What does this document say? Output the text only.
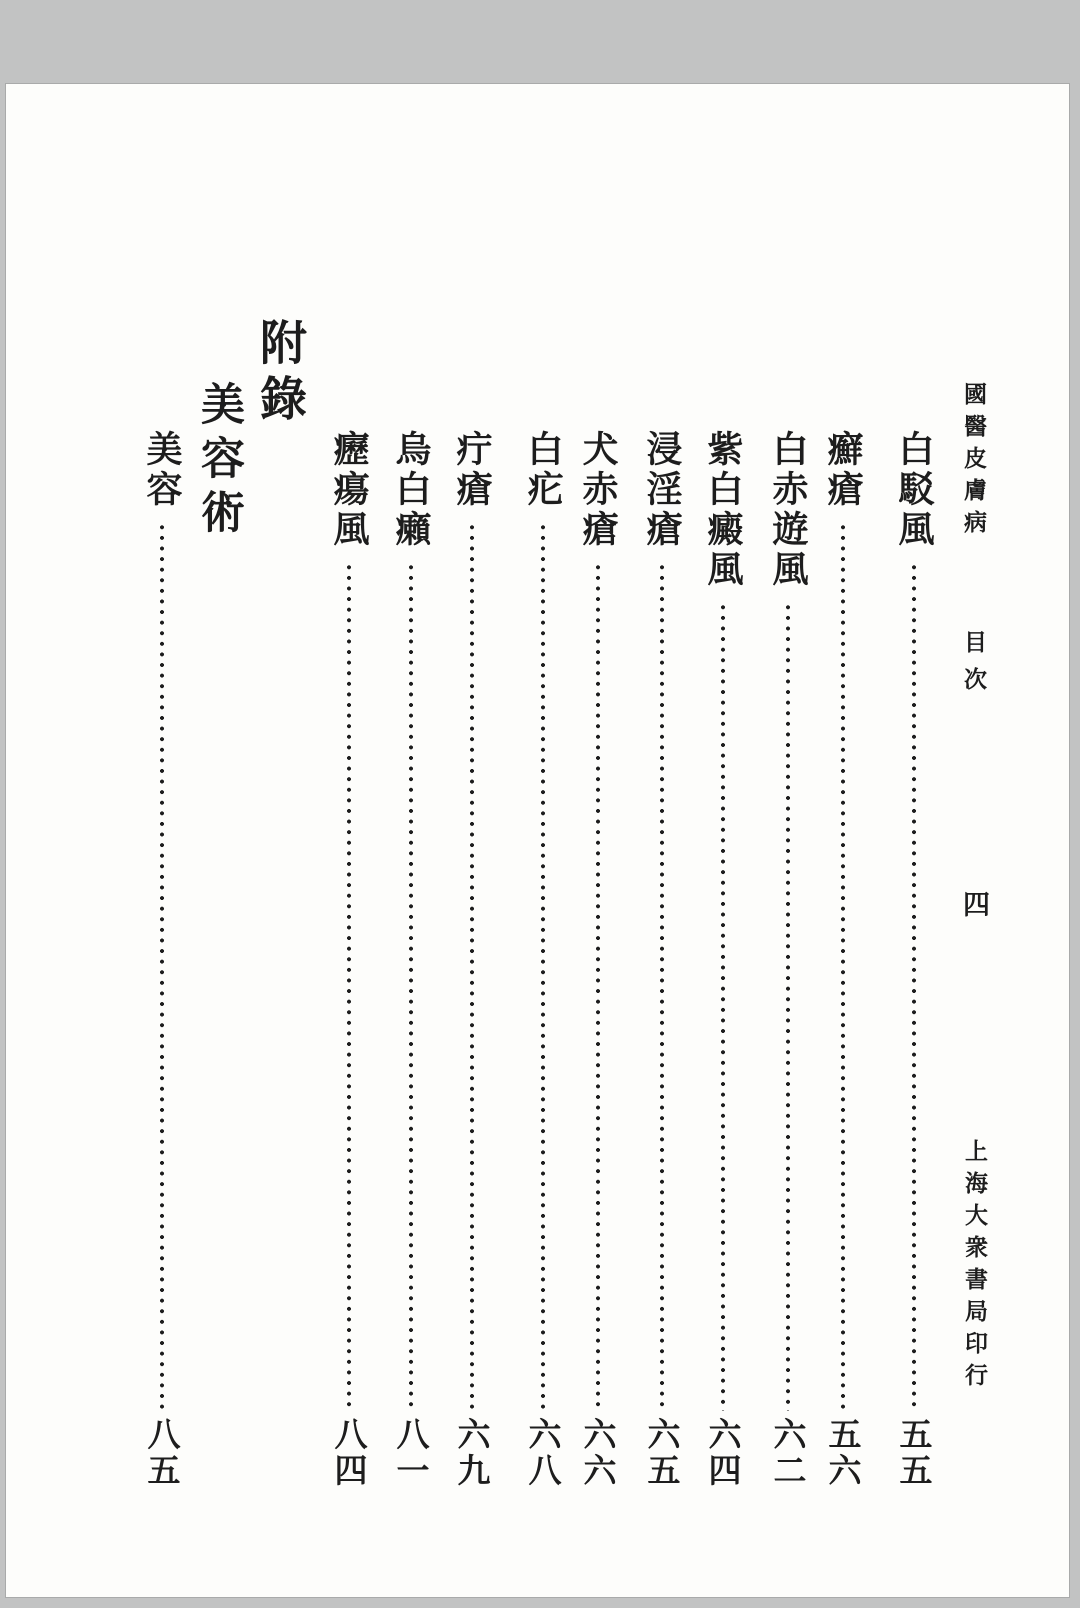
國醫皮膚病
目次
四
上海大衆書局印行
白駁風
五五
癬瘡
五六
白赤遊風
六二
紫白癜風
六四
浸淫瘡
六五
犬赤瘡
六六
白疕
六八
疔瘡
六九
烏白癩
八一
癧瘍風
八四
附錄
美容術
美容
八五
